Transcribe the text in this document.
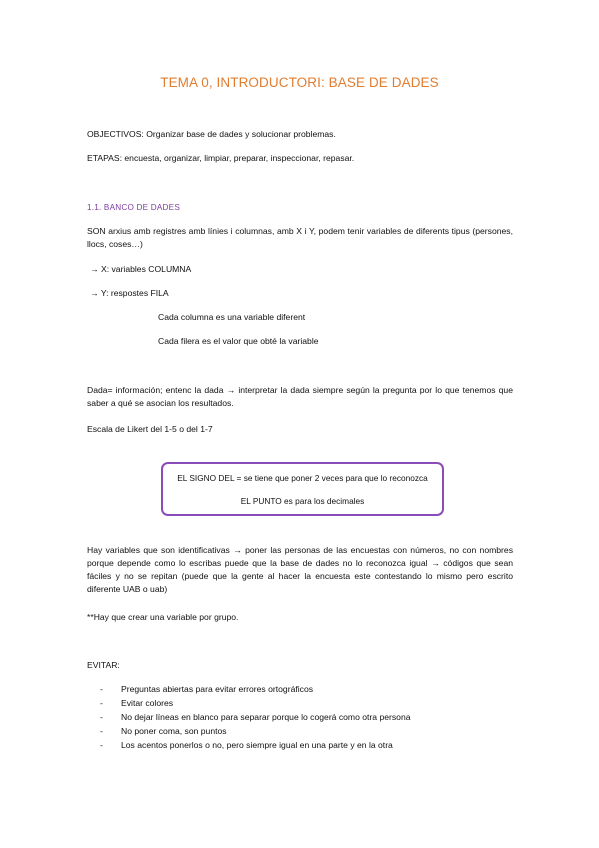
TEMA 0, INTRODUCTORI: BASE DE DADES
OBJECTIVOS: Organizar base de dades y solucionar problemas.
ETAPAS: encuesta, organizar, limpiar, preparar, inspeccionar, repasar.
1.1. BANCO DE DADES
SON arxius amb registres amb línies i columnas, amb X i Y, podem tenir variables de diferents tipus (persones, llocs, coses…)
→ X: variables COLUMNA
→ Y: respostes FILA
Cada columna es una variable diferent
Cada filera es el valor que obté la variable
Dada= información; entenc la dada → interpretar la dada siempre según la pregunta por lo que tenemos que saber a qué se asocian los resultados.
Escala de Likert del 1-5 o del 1-7
EL SIGNO DEL = se tiene que poner 2 veces para que lo reconozca
EL PUNTO es para los decimales
Hay variables que son identificativas → poner las personas de las encuestas con números, no con nombres porque depende como lo escribas puede que la base de dades no lo reconozca igual → códigos que sean fáciles y no se repitan (puede que la gente al hacer la encuesta este contestando lo mismo pero escrito diferente UAB o uab)
**Hay que crear una variable por grupo.
EVITAR:
-	Preguntas abiertas para evitar errores ortográficos
-	Evitar colores
-	No dejar líneas en blanco para separar porque lo cogerá como otra persona
-	No poner coma, son puntos
-	Los acentos ponerlos o no, pero siempre igual en una parte y en la otra
